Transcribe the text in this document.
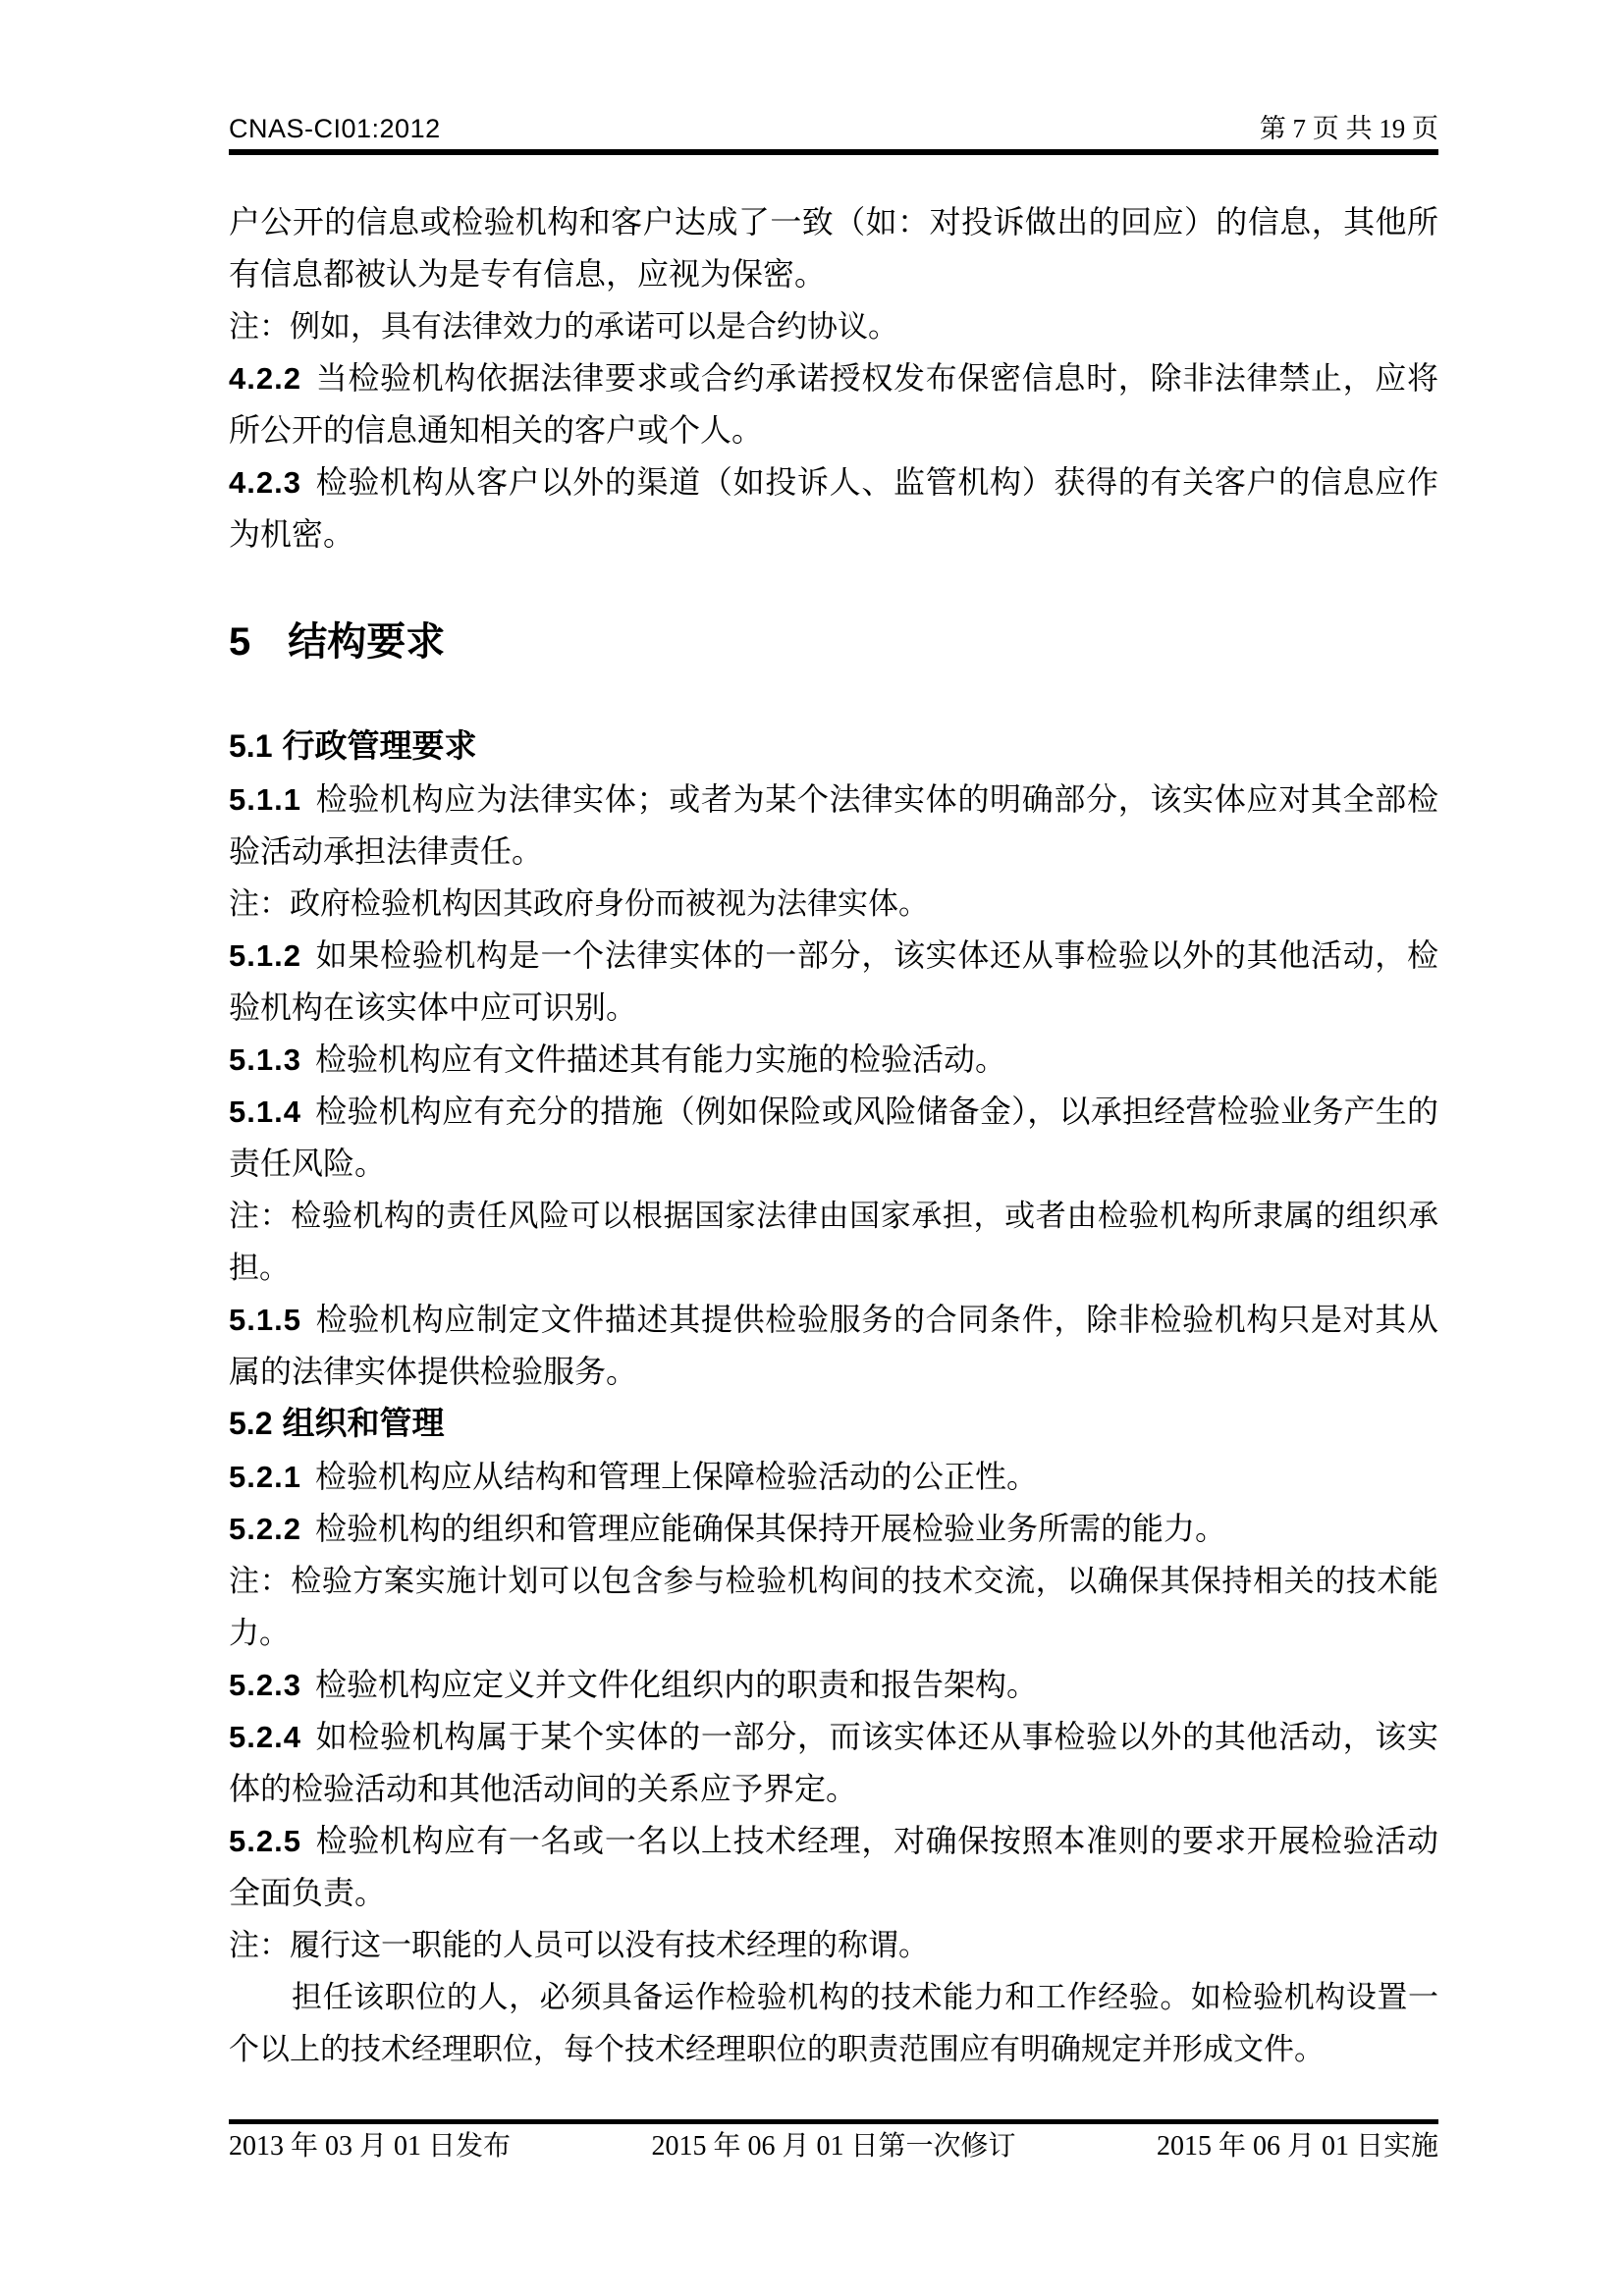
CNAS-CI01:2012	第 7 页 共 19 页

户公开的信息或检验机构和客户达成了一致（如：对投诉做出的回应）的信息，其他所有信息都被认为是专有信息，应视为保密。

注：例如，具有法律效力的承诺可以是合约协议。

4.2.2 当检验机构依据法律要求或合约承诺授权发布保密信息时，除非法律禁止，应将所公开的信息通知相关的客户或个人。

4.2.3 检验机构从客户以外的渠道（如投诉人、监管机构）获得的有关客户的信息应作为机密。

5 结构要求

5.1 行政管理要求

5.1.1 检验机构应为法律实体；或者为某个法律实体的明确部分，该实体应对其全部检验活动承担法律责任。

注：政府检验机构因其政府身份而被视为法律实体。

5.1.2 如果检验机构是一个法律实体的一部分，该实体还从事检验以外的其他活动，检验机构在该实体中应可识别。

5.1.3 检验机构应有文件描述其有能力实施的检验活动。

5.1.4 检验机构应有充分的措施（例如保险或风险储备金），以承担经营检验业务产生的责任风险。

注：检验机构的责任风险可以根据国家法律由国家承担，或者由检验机构所隶属的组织承担。

5.1.5 检验机构应制定文件描述其提供检验服务的合同条件，除非检验机构只是对其从属的法律实体提供检验服务。

5.2 组织和管理

5.2.1 检验机构应从结构和管理上保障检验活动的公正性。

5.2.2 检验机构的组织和管理应能确保其保持开展检验业务所需的能力。

注：检验方案实施计划可以包含参与检验机构间的技术交流，以确保其保持相关的技术能力。

5.2.3 检验机构应定义并文件化组织内的职责和报告架构。

5.2.4 如检验机构属于某个实体的一部分，而该实体还从事检验以外的其他活动，该实体的检验活动和其他活动间的关系应予界定。

5.2.5 检验机构应有一名或一名以上技术经理，对确保按照本准则的要求开展检验活动全面负责。

注：履行这一职能的人员可以没有技术经理的称谓。

担任该职位的人，必须具备运作检验机构的技术能力和工作经验。如检验机构设置一个以上的技术经理职位，每个技术经理职位的职责范围应有明确规定并形成文件。

2013 年 03 月 01 日发布	2015 年 06 月 01 日第一次修订	2015 年 06 月 01 日实施
